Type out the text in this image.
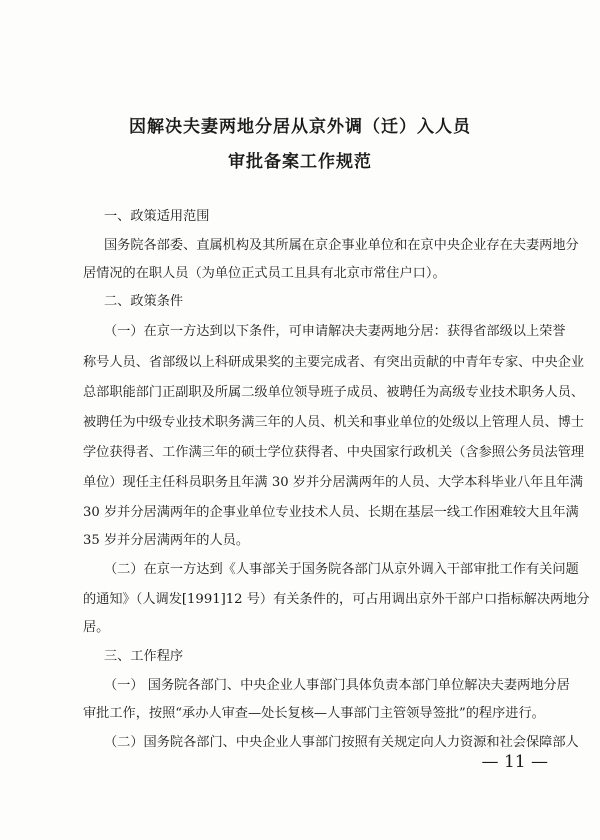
因解决夫妻两地分居从京外调（迁）入人员
审批备案工作规范
一、政策适用范围
国务院各部委、直属机构及其所属在京企事业单位和在京中央企业存在夫妻两地分
居情况的在职人员（为单位正式员工且具有北京市常住户口）。
二、政策条件
（一）在京一方达到以下条件，可申请解决夫妻两地分居：获得省部级以上荣誉
称号人员、省部级以上科研成果奖的主要完成者、有突出贡献的中青年专家、中央企业
总部职能部门正副职及所属二级单位领导班子成员、被聘任为高级专业技术职务人员、
被聘任为中级专业技术职务满三年的人员、机关和事业单位的处级以上管理人员、博士
学位获得者、工作满三年的硕士学位获得者、中央国家行政机关（含参照公务员法管理
单位）现任主任科员职务且年满 30 岁并分居满两年的人员、大学本科毕业八年且年满
30 岁并分居满两年的企事业单位专业技术人员、长期在基层一线工作困难较大且年满
35 岁并分居满两年的人员。
（二）在京一方达到《人事部关于国务院各部门从京外调入干部审批工作有关问题
的通知》（人调发[1991]12 号）有关条件的，可占用调出京外干部户口指标解决两地分
居。
三、工作程序
（一） 国务院各部门、中央企业人事部门具体负责本部门单位解决夫妻两地分居
审批工作，按照“承办人审查—处长复核—人事部门主管领导签批”的程序进行。
（二）国务院各部门、中央企业人事部门按照有关规定向人力资源和社会保障部人
— 11 —
